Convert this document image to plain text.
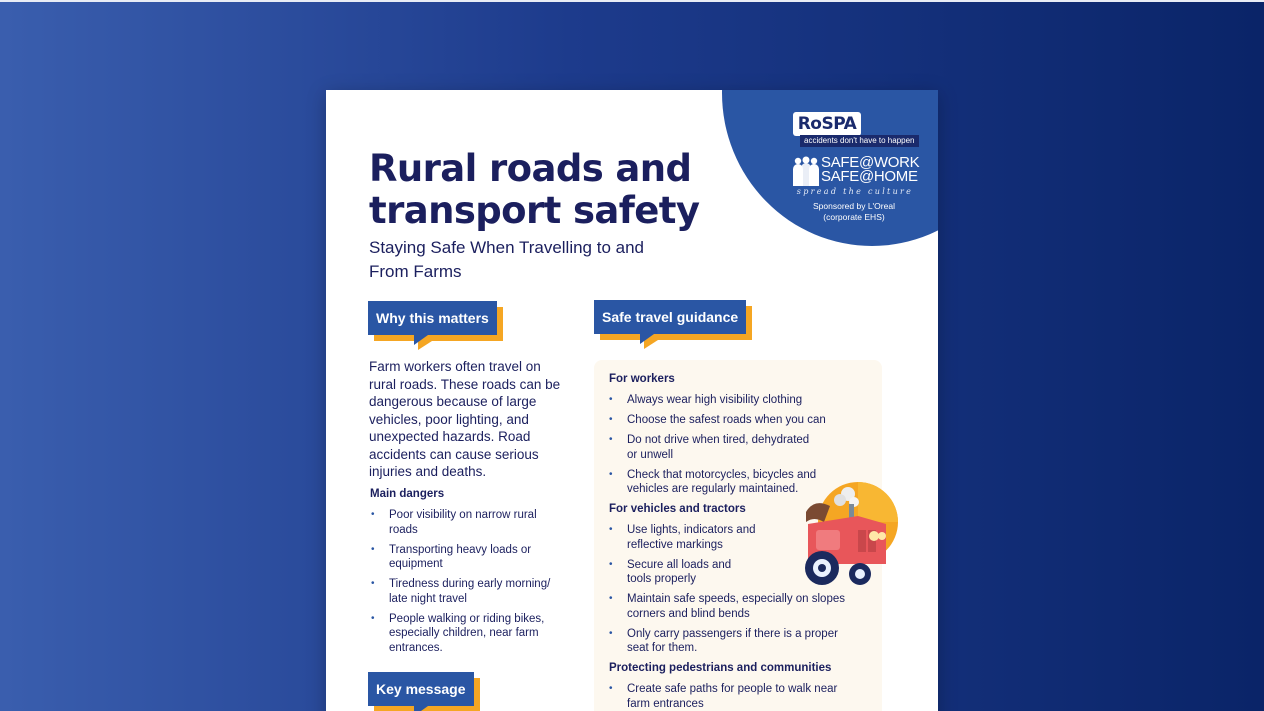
RoSPA
accidents don't have to happen
SAFE@WORK
SAFE@HOME
spread the culture
Sponsored by L'Oreal
(corporate EHS)
Rural roads and transport safety
Staying Safe When Travelling to and From Farms
Why this matters

Farm workers often travel on rural roads. These roads can be dangerous because of large vehicles, poor lighting, and unexpected hazards. Road accidents can cause serious injuries and deaths.

Main dangers
• Poor visibility on narrow rural roads
• Transporting heavy loads or equipment
• Tiredness during early morning/ late night travel
• People walking or riding bikes, especially children, near farm entrances.
Key message
Safe travel guidance
For workers
• Always wear high visibility clothing
• Choose the safest roads when you can
• Do not drive when tired, dehydrated or unwell
• Check that motorcycles, bicycles and vehicles are regularly maintained.
For vehicles and tractors
• Use lights, indicators and reflective markings
• Secure all loads and tools properly
• Maintain safe speeds, especially on slopes corners and blind bends
• Only carry passengers if there is a proper seat for them.
Protecting pedestrians and communities
• Create safe paths for people to walk near farm entrances
